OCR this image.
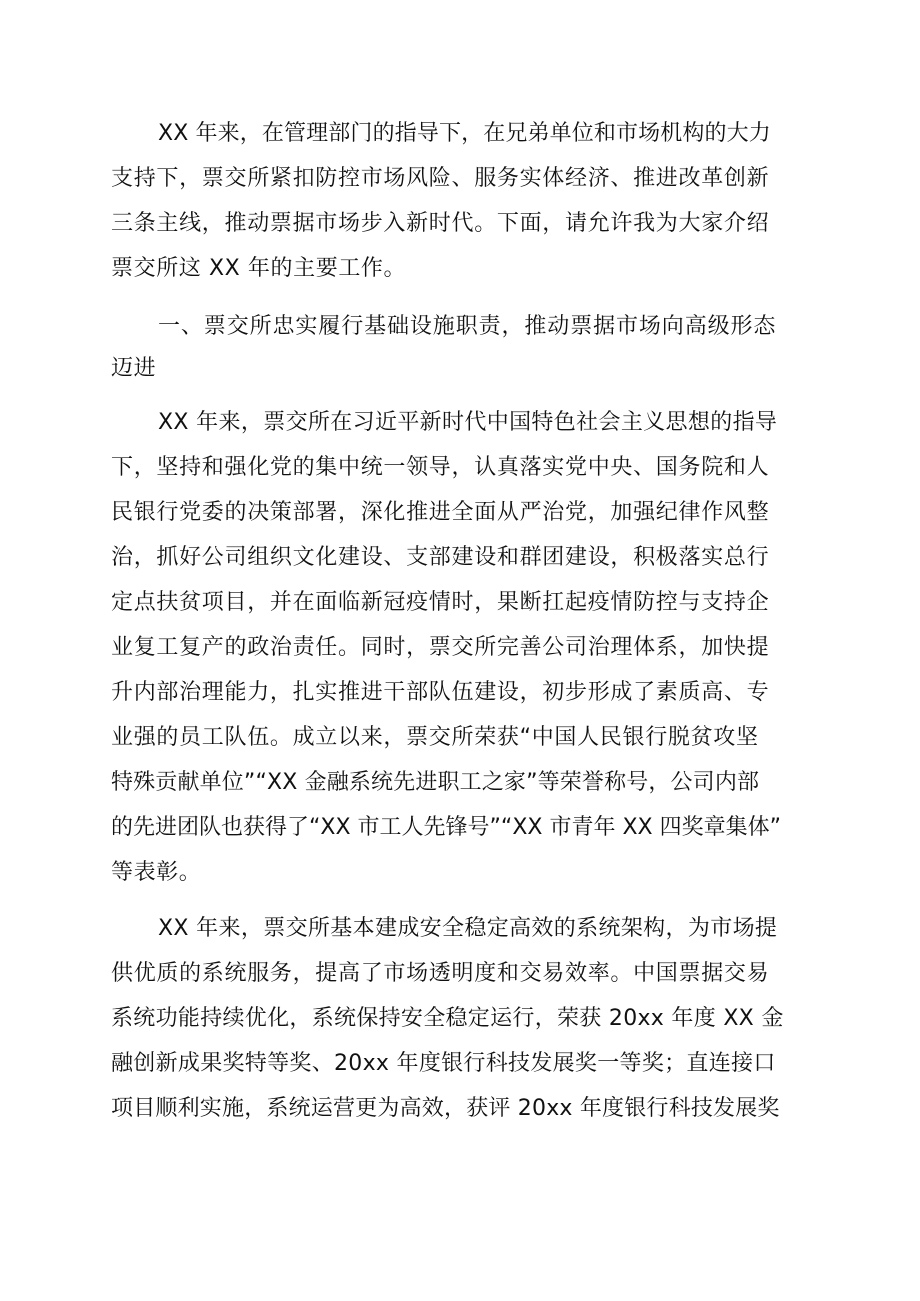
XX 年来，在管理部门的指导下，在兄弟单位和市场机构的大力
支持下，票交所紧扣防控市场风险、服务实体经济、推进改革创新
三条主线，推动票据市场步入新时代。下面，请允许我为大家介绍
票交所这 XX 年的主要工作。
一、票交所忠实履行基础设施职责，推动票据市场向高级形态
迈进
XX 年来，票交所在习近平新时代中国特色社会主义思想的指导
下，坚持和强化党的集中统一领导，认真落实党中央、国务院和人
民银行党委的决策部署，深化推进全面从严治党，加强纪律作风整
治，抓好公司组织文化建设、支部建设和群团建设，积极落实总行
定点扶贫项目，并在面临新冠疫情时，果断扛起疫情防控与支持企
业复工复产的政治责任。同时，票交所完善公司治理体系，加快提
升内部治理能力，扎实推进干部队伍建设，初步形成了素质高、专
业强的员工队伍。成立以来，票交所荣获“中国人民银行脱贫攻坚
特殊贡献单位”“XX 金融系统先进职工之家”等荣誉称号，公司内部
的先进团队也获得了“XX 市工人先锋号”“XX 市青年 XX 四奖章集体”
等表彰。
XX 年来，票交所基本建成安全稳定高效的系统架构，为市场提
供优质的系统服务，提高了市场透明度和交易效率。中国票据交易
系统功能持续优化，系统保持安全稳定运行，荣获 20xx 年度 XX 金
融创新成果奖特等奖、20xx 年度银行科技发展奖一等奖；直连接口
项目顺利实施，系统运营更为高效，获评 20xx 年度银行科技发展奖
